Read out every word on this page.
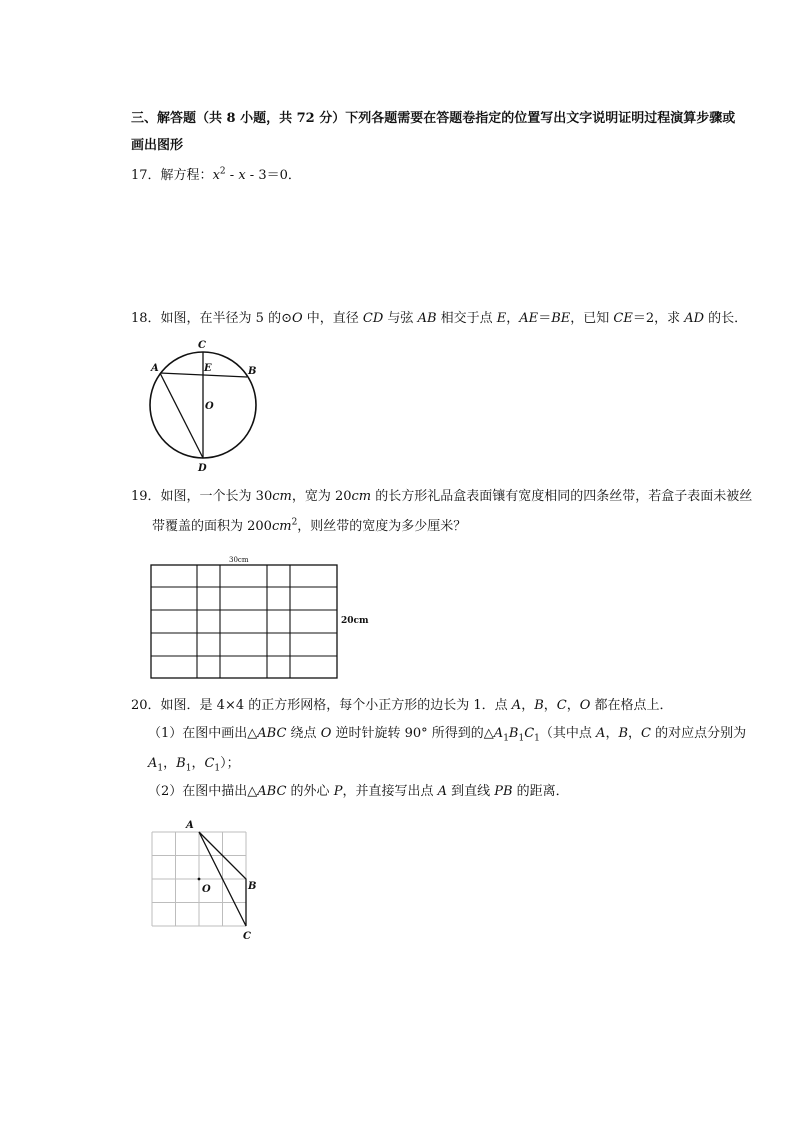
三、解答题（共 8 小题，共 72 分）下列各题需要在答题卷指定的位置写出文字说明证明过程演算步骤或
画出图形
17．解方程：$x^2 - x - 3=0$．
18．如图，在半径为 5 的⊙O 中，直径 CD 与弦 AB 相交于点 E，AE＝BE，已知 CE＝2，求 AD 的长．
C
A	B
E
O
D
19．如图，一个长为 30cm，宽为 20cm 的长方形礼品盒表面镶有宽度相同的四条丝带，若盒子表面未被丝
带覆盖的面积为 $200cm^2$，则丝带的宽度为多少厘米？
30cm
20cm
20．如图．是 4×4 的正方形网格，每个小正方形的边长为 1．点 A，B，C，O 都在格点上．
（1）在图中画出△ABC 绕点 O 逆时针旋转 90° 所得到的$\triangle A_1B_1C_1$（其中点 A，B，C 的对应点分别为
$A_1$，$B_1$，$C_1$）；
（2）在图中描出△ABC 的外心 P，并直接写出点 A 到直线 PB 的距离．
A
B
C
O
